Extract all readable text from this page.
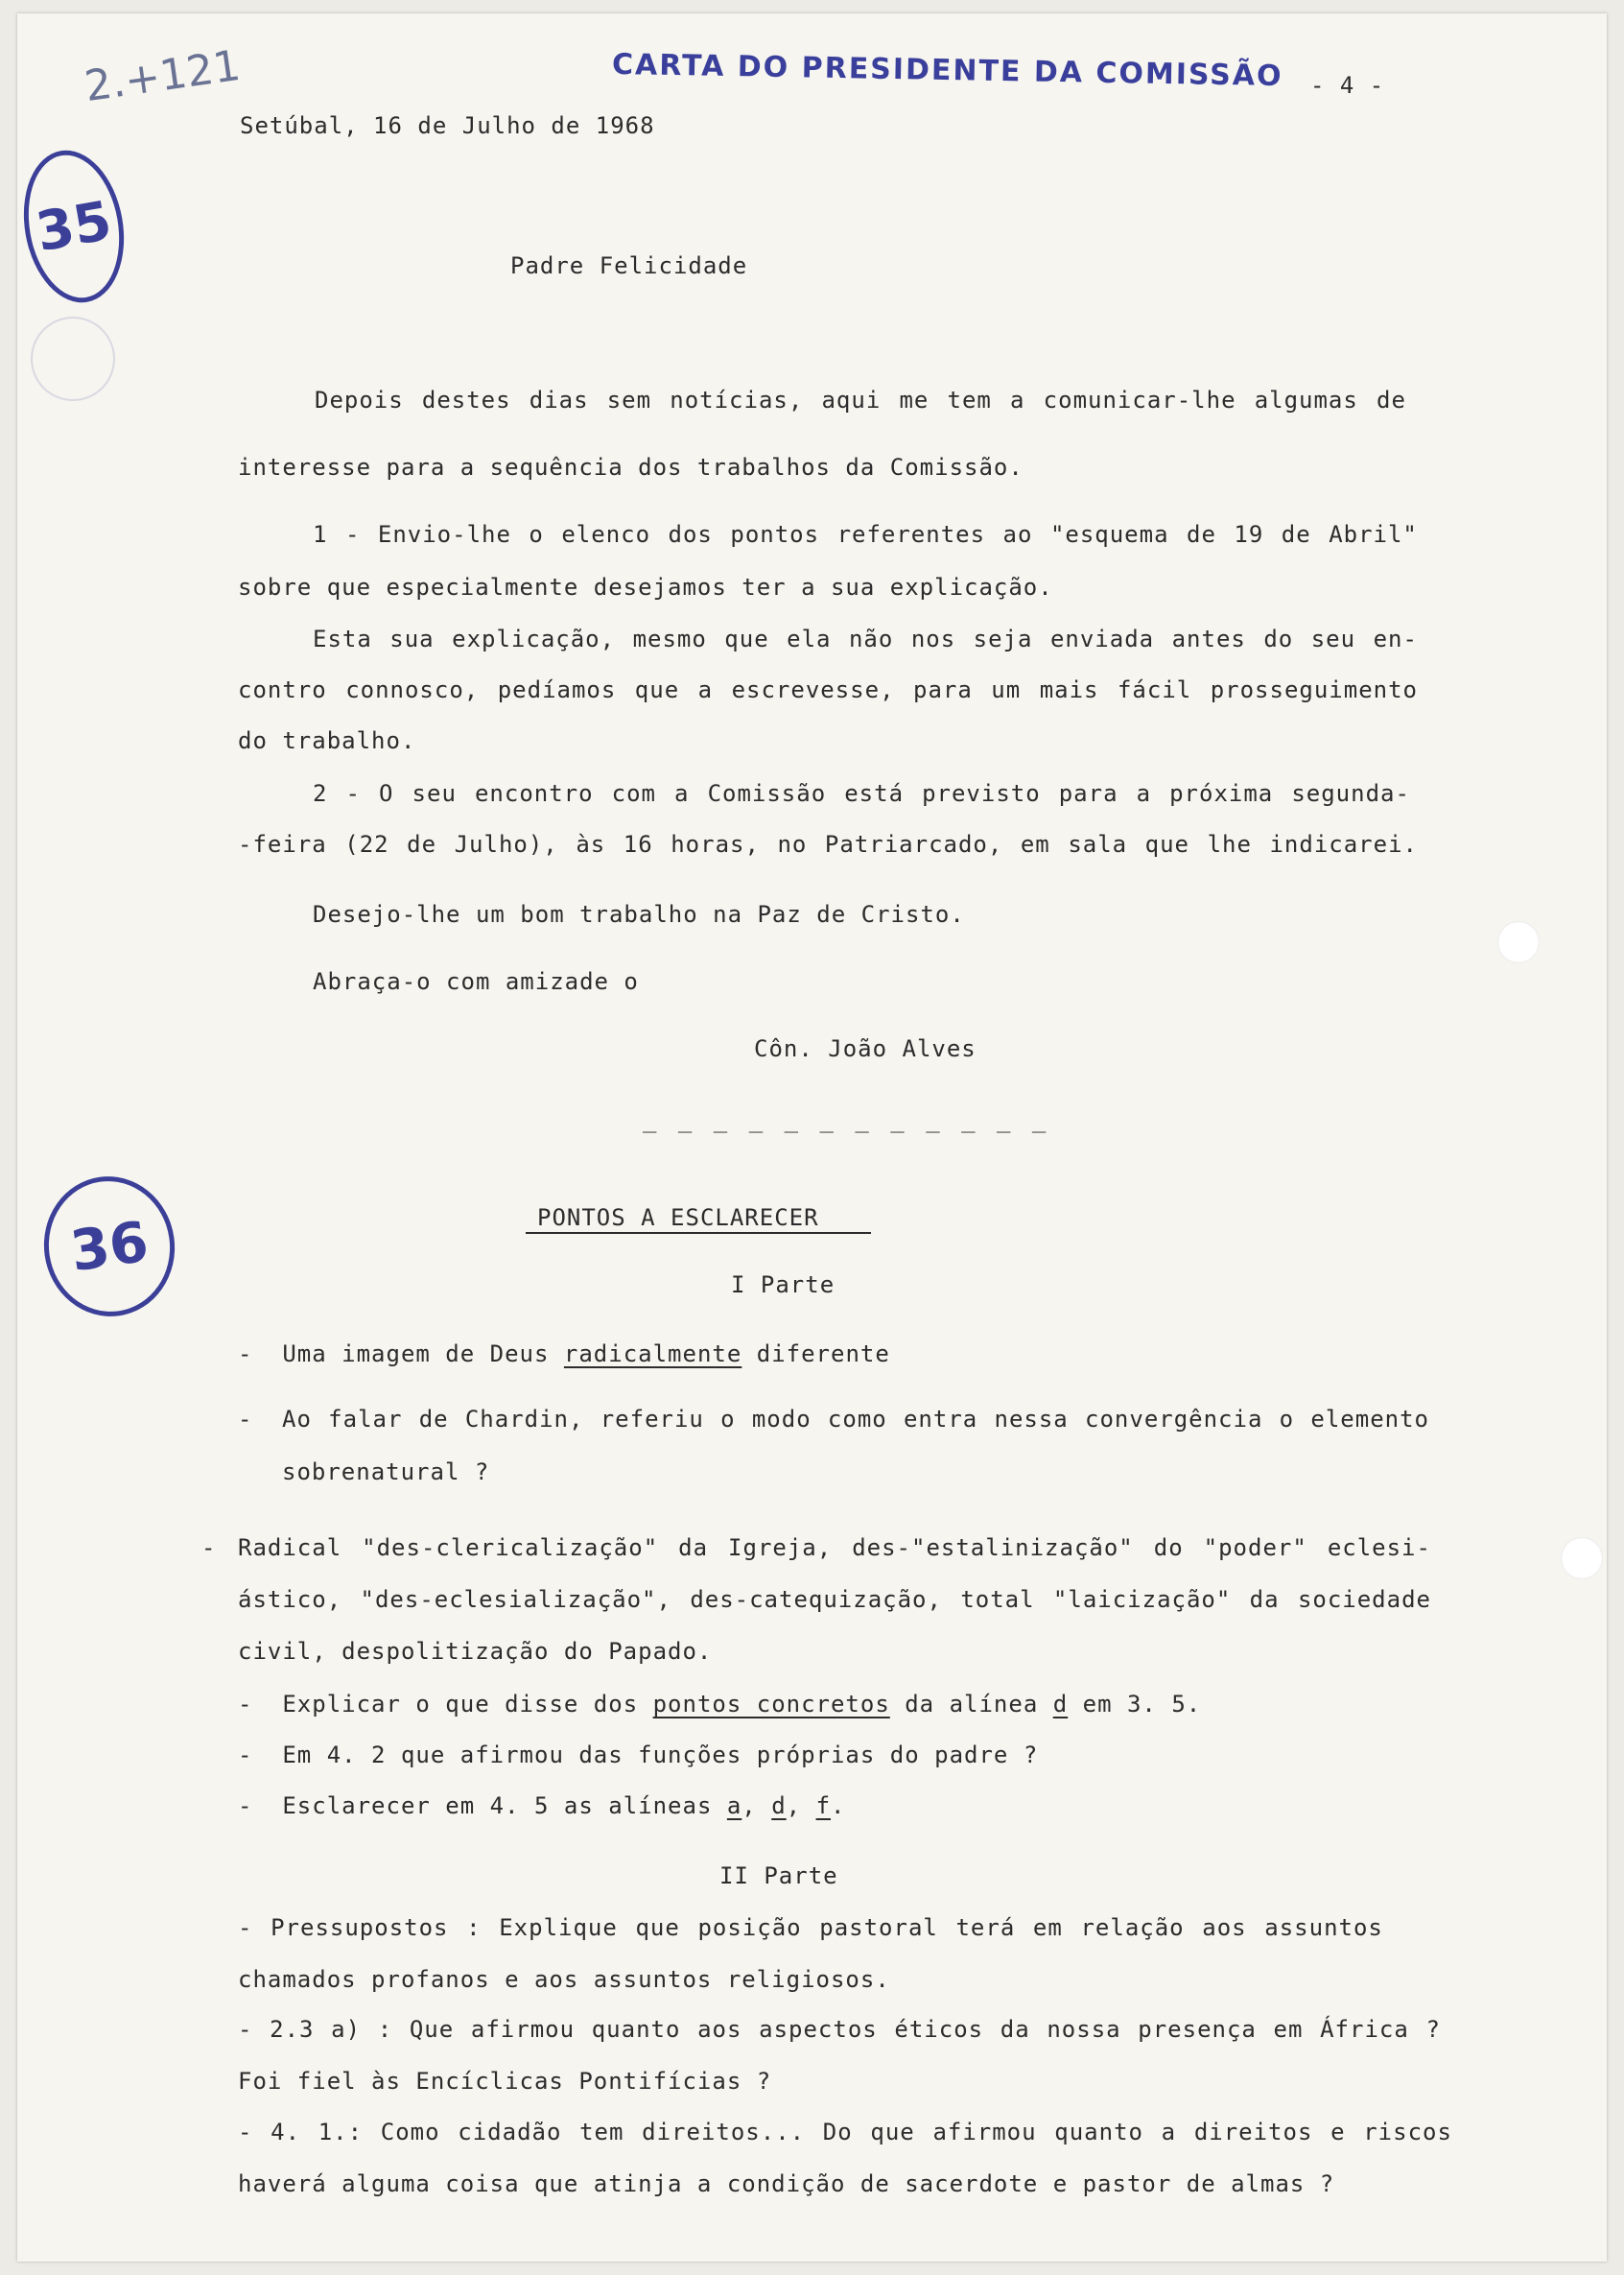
CARTA DO PRESIDENTE DA COMISSÃO
2.+121	- 4 -
35
36
Setúbal, 16 de Julho de 1968
Padre Felicidade
Depois destes dias sem notícias, aqui me tem a comunicar-lhe algumas de
interesse para a sequência dos trabalhos da Comissão.
1 - Envio-lhe o elenco dos pontos referentes ao "esquema de 19 de Abril"
sobre que especialmente desejamos ter a sua explicação.
Esta sua explicação, mesmo que ela não nos seja enviada antes do seu en-
contro connosco, pedíamos que a escrevesse, para um mais fácil prosseguimento
do trabalho.
2 - O seu encontro com a Comissão está previsto para a próxima segunda-
-feira (22 de Julho), às 16 horas, no Patriarcado, em sala que lhe indicarei.
Desejo-lhe um bom trabalho na Paz de Cristo.
Abraça-o com amizade o
Côn. João Alves
_ _ _ _ _ _ _ _ _ _ _ _
PONTOS A ESCLARECER
I Parte
-  Uma imagem de Deus radicalmente diferente
- Ao falar de Chardin, referiu o modo como entra nessa convergência o elemento
sobrenatural ?
- Radical "des-clericalização" da Igreja, des-"estalinização" do "poder" eclesi-
ástico, "des-eclesialização", des-catequização, total "laicização" da sociedade
civil, despolitização do Papado.
-  Explicar o que disse dos pontos concretos da alínea d em 3. 5.
-  Em 4. 2 que afirmou das funções próprias do padre ?
-  Esclarecer em 4. 5 as alíneas a, d, f.
II Parte
- Pressupostos : Explique que posição pastoral terá em relação aos assuntos
chamados profanos e aos assuntos religiosos.
- 2.3 a) : Que afirmou quanto aos aspectos éticos da nossa presença em África ?
Foi fiel às Encíclicas Pontifícias ?
- 4. 1.: Como cidadão tem direitos... Do que afirmou quanto a direitos e riscos
haverá alguma coisa que atinja a condição de sacerdote e pastor de almas ?
